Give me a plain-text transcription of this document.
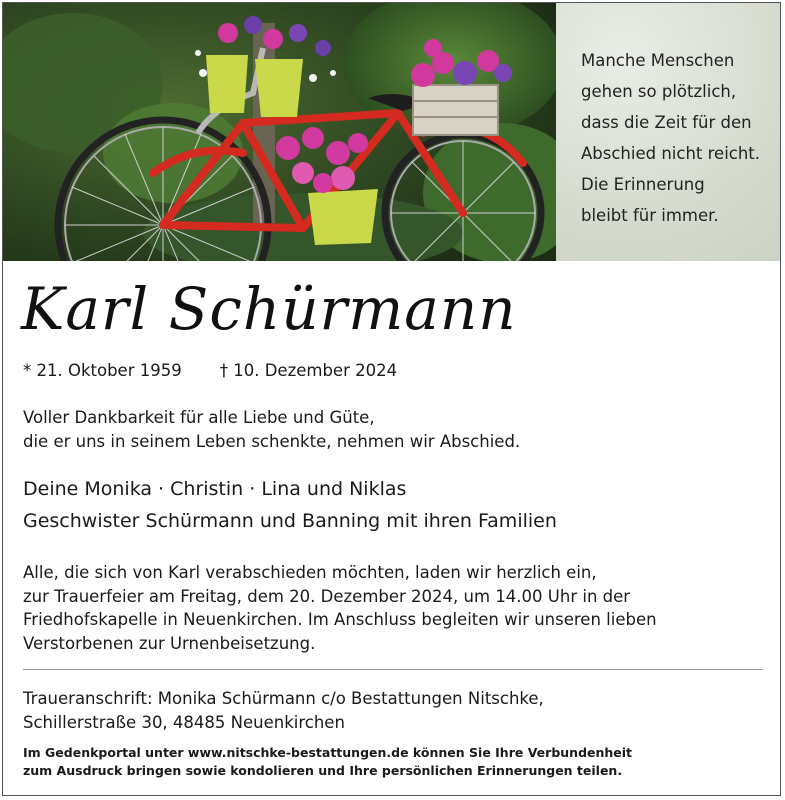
Manche Menschen
gehen so plötzlich,
dass die Zeit für den
Abschied nicht reicht.
Die Erinnerung
bleibt für immer.
Karl Schürmann
* 21. Oktober 1959 † 10. Dezember 2024
Voller Dankbarkeit für alle Liebe und Güte,
die er uns in seinem Leben schenkte, nehmen wir Abschied.
Deine Monika · Christin · Lina und Niklas
Geschwister Schürmann und Banning mit ihren Familien
Alle, die sich von Karl verabschieden möchten, laden wir herzlich ein,
zur Trauerfeier am Freitag, dem 20. Dezember 2024, um 14.00 Uhr in der
Friedhofskapelle in Neuenkirchen. Im Anschluss begleiten wir unseren lieben
Verstorbenen zur Urnenbeisetzung.
Traueranschrift: Monika Schürmann c/o Bestattungen Nitschke,
Schillerstraße 30, 48485 Neuenkirchen
Im Gedenkportal unter www.nitschke-bestattungen.de können Sie Ihre Verbundenheit
zum Ausdruck bringen sowie kondolieren und Ihre persönlichen Erinnerungen teilen.
